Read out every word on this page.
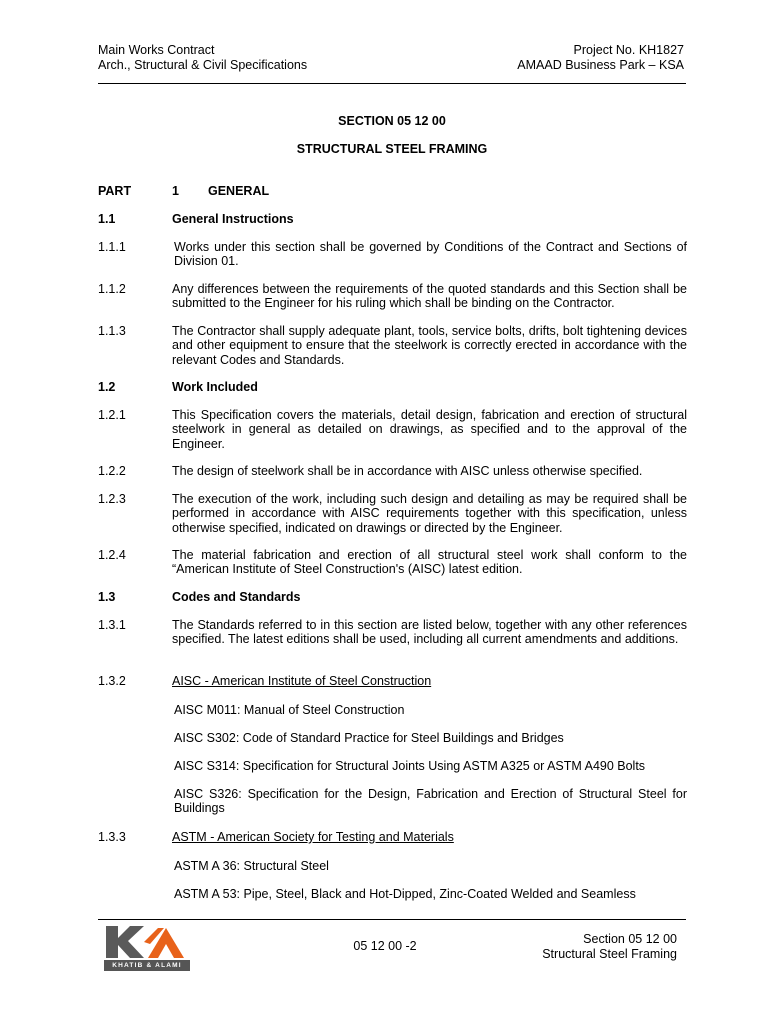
Main Works Contract
Arch., Structural & Civil Specifications
Project No. KH1827
AMAAD Business Park – KSA
SECTION 05 12 00
STRUCTURAL STEEL FRAMING
PART	1 GENERAL
1.1	General Instructions
1.1.1	Works under this section shall be governed by Conditions of the Contract and Sections of Division 01.
1.1.2	Any differences between the requirements of the quoted standards and this Section shall be submitted to the Engineer for his ruling which shall be binding on the Contractor.
1.1.3	The Contractor shall supply adequate plant, tools, service bolts, drifts, bolt tightening devices and other equipment to ensure that the steelwork is correctly erected in accordance with the relevant Codes and Standards.
1.2	Work Included
1.2.1	This Specification covers the materials, detail design, fabrication and erection of structural steelwork in general as detailed on drawings, as specified and to the approval of the Engineer.
1.2.2	The design of steelwork shall be in accordance with AISC unless otherwise specified.
1.2.3	The execution of the work, including such design and detailing as may be required shall be performed in accordance with AISC requirements together with this specification, unless otherwise specified, indicated on drawings or directed by the Engineer.
1.2.4	The material fabrication and erection of all structural steel work shall conform to the “American Institute of Steel Construction's (AISC) latest edition.
1.3	Codes and Standards
1.3.1	The Standards referred to in this section are listed below, together with any other references specified. The latest editions shall be used, including all current amendments and additions.
1.3.2	AISC - American Institute of Steel Construction
AISC M011: Manual of Steel Construction
AISC S302: Code of Standard Practice for Steel Buildings and Bridges
AISC S314: Specification for Structural Joints Using ASTM A325 or ASTM A490 Bolts
AISC S326: Specification for the Design, Fabrication and Erection of Structural Steel for Buildings
1.3.3	ASTM - American Society for Testing and Materials
ASTM A 36: Structural Steel
ASTM A 53: Pipe, Steel, Black and Hot-Dipped, Zinc-Coated Welded and Seamless
KHATIB & ALAMI
05 12 00 -2	Section 05 12 00
Structural Steel Framing
